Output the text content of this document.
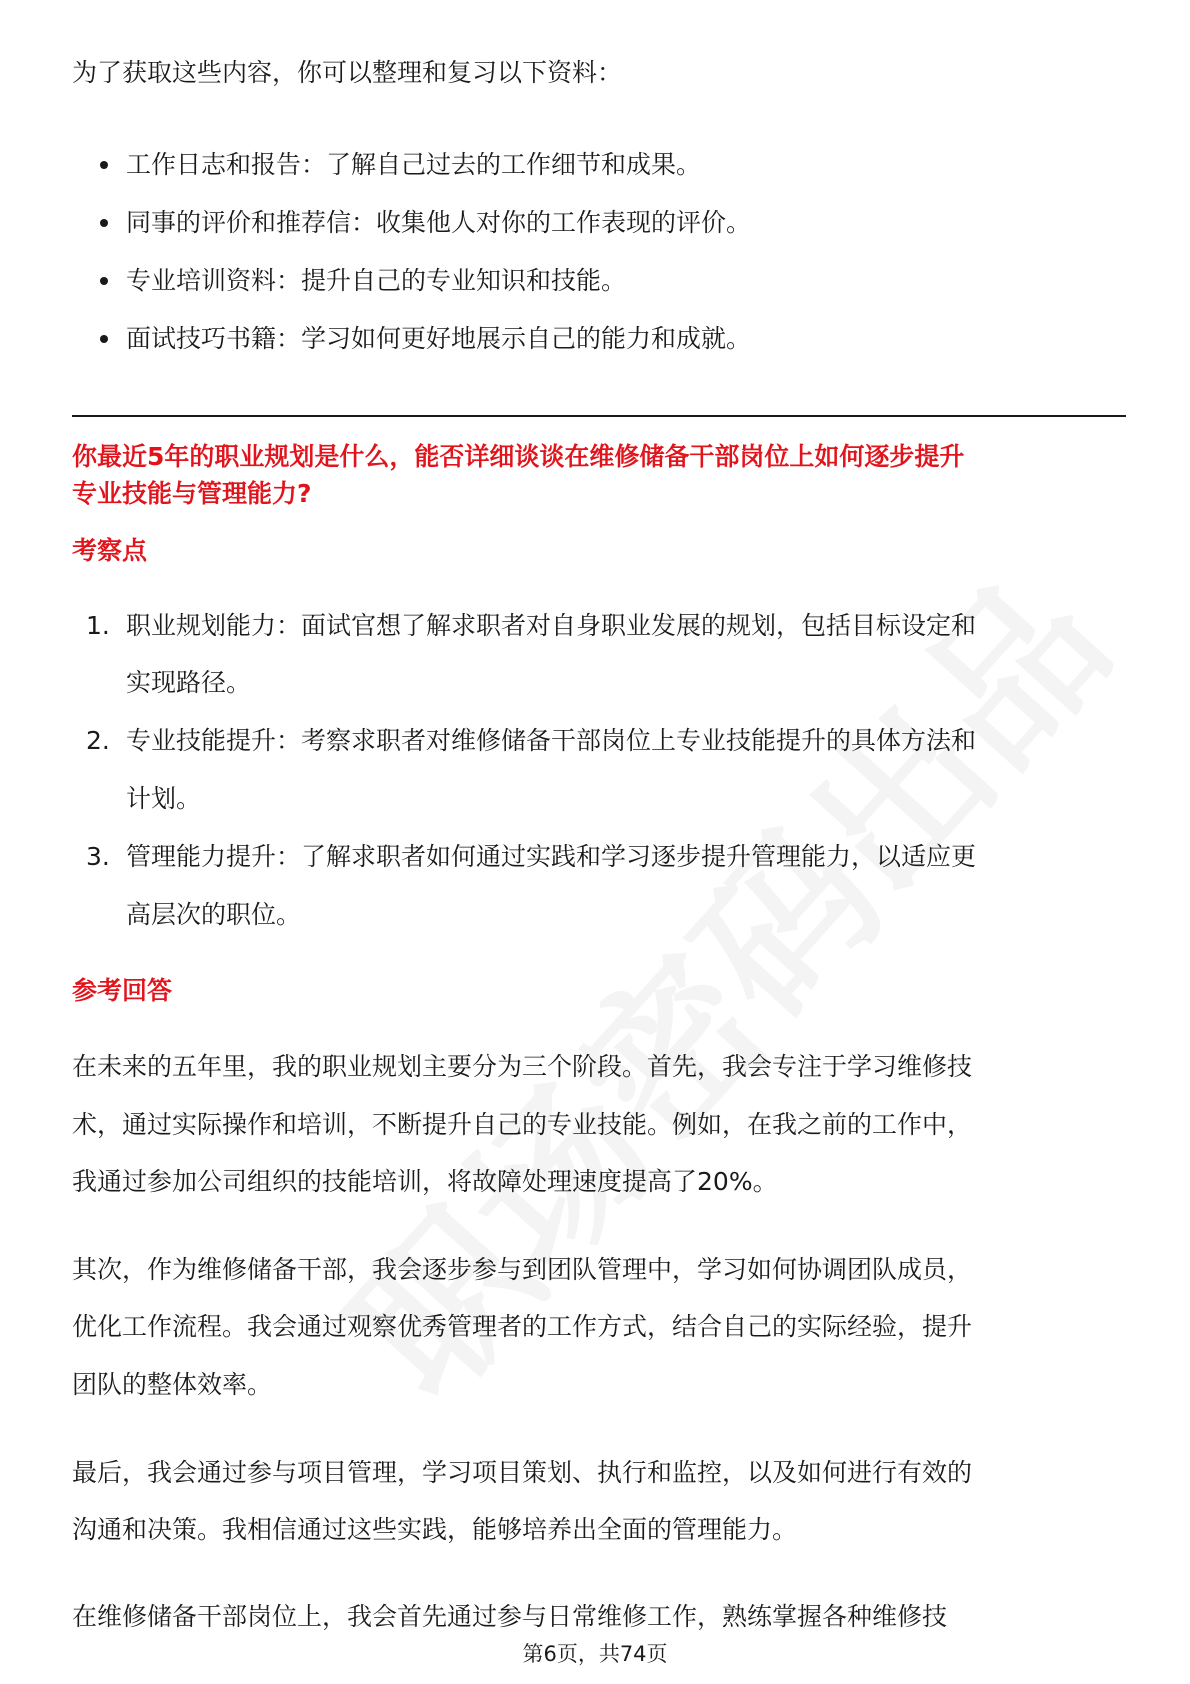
为了获取这些内容，你可以整理和复习以下资料：

工作日志和报告：了解自己过去的工作细节和成果。

同事的评价和推荐信：收集他人对你的工作表现的评价。

专业培训资料：提升自己的专业知识和技能。

面试技巧书籍：学习如何更好地展示自己的能力和成就。

你最近5年的职业规划是什么，能否详细谈谈在维修储备干部岗位上如何逐步提升

专业技能与管理能力?

考察点

1. 职业规划能力：面试官想了解求职者对自身职业发展的规划，包括目标设定和

实现路径。

2. 专业技能提升：考察求职者对维修储备干部岗位上专业技能提升的具体方法和

计划。

3. 管理能力提升：了解求职者如何通过实践和学习逐步提升管理能力，以适应更

高层次的职位。

参考回答

在未来的五年里，我的职业规划主要分为三个阶段。首先，我会专注于学习维修技

术，通过实际操作和培训，不断提升自己的专业技能。例如，在我之前的工作中，

我通过参加公司组织的技能培训，将故障处理速度提高了20%。

其次，作为维修储备干部，我会逐步参与到团队管理中，学习如何协调团队成员，

优化工作流程。我会通过观察优秀管理者的工作方式，结合自己的实际经验，提升

团队的整体效率。

最后，我会通过参与项目管理，学习项目策划、执行和监控，以及如何进行有效的

沟通和决策。我相信通过这些实践，能够培养出全面的管理能力。

在维修储备干部岗位上，我会首先通过参与日常维修工作，熟练掌握各种维修技

第6页，共74页
